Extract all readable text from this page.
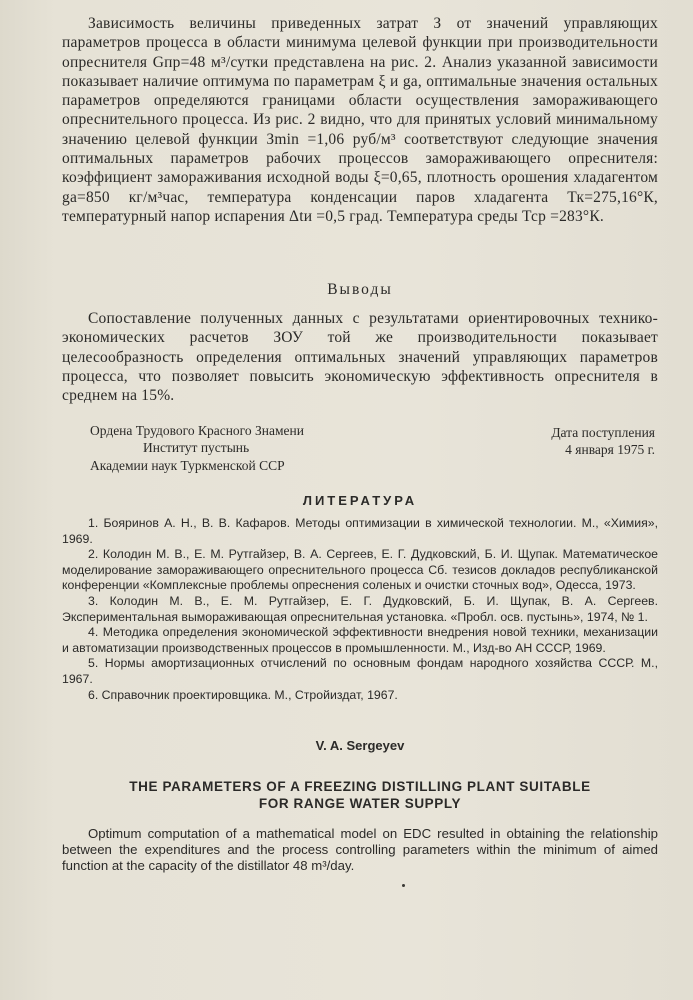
Зависимость величины приведенных затрат З от значений управляющих параметров процесса в области минимума целевой функции при производительности опреснителя Gпр=48 м³/сутки представлена на рис. 2. Анализ указанной зависимости показывает наличие оптимума по параметрам ξ и gа, оптимальные значения остальных параметров определяются границами области осуществления замораживающего опреснительного процесса. Из рис. 2 видно, что для принятых условий минимальному значению целевой функции Зmin =1,06 руб/м³ соответствуют следующие значения оптимальных параметров рабочих процессов замораживающего опреснителя: коэффициент замораживания исходной воды ξ=0,65, плотность орошения хладагентом gа=850 кг/м³час, температура конденсации паров хладагента Тк=275,16°К, температурный напор испарения Δtи =0,5 град. Температура среды Тср =283°К.

Выводы

Сопоставление полученных данных с результатами ориентировочных технико-экономических расчетов ЗОУ той же производительности показывает целесообразность определения оптимальных значений управляющих параметров процесса, что позволяет повысить экономическую эффективность опреснителя в среднем на 15%.

Ордена Трудового Красного Знамени
Институт пустынь
Академии наук Туркменской ССР
Дата поступления
4 января 1975 г.
ЛИТЕРАТУРА

1. Бояринов А. Н., В. В. Кафаров. Методы оптимизации в химической технологии. М., «Химия», 1969.

2. Колодин М. В., Е. М. Рутгайзер, В. А. Сергеев, Е. Г. Дудковский, Б. И. Щупак. Математическое моделирование замораживающего опреснительного процесса Сб. тезисов докладов республиканской конференции «Комплексные проблемы опреснения соленых и очистки сточных вод», Одесса, 1973.

3. Колодин М. В., Е. М. Рутгайзер, Е. Г. Дудковский, Б. И. Щупак, В. А. Сергеев. Экспериментальная вымораживающая опреснительная установка. «Пробл. осв. пустынь», 1974, № 1.

4. Методика определения экономической эффективности внедрения новой техники, механизации и автоматизации производственных процессов в промышленности. М., Изд-во АН СССР, 1969.

5. Нормы амортизационных отчислений по основным фондам народного хозяйства СССР. М., 1967.

6. Справочник проектировщика. М., Стройиздат, 1967.

V. A. Sergeyev
THE PARAMETERS OF A FREEZING DISTILLING PLANT SUITABLE
FOR RANGE WATER SUPPLY

Optimum computation of a mathematical model on EDC resulted in obtaining the relationship between the expenditures and the process controlling parameters within the minimum of aimed function at the capacity of the distillator 48 m³/day.
